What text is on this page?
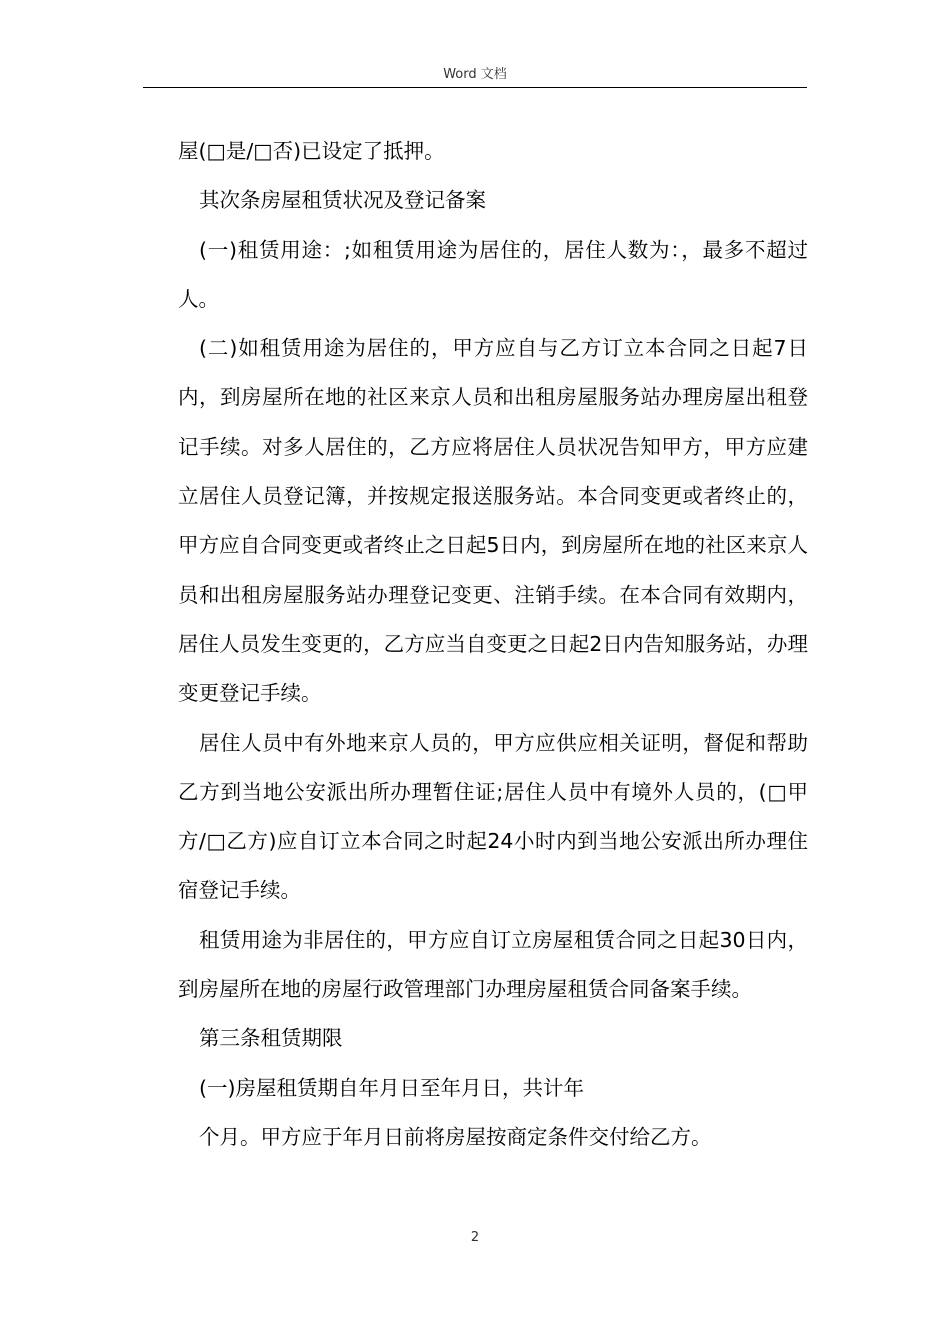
Word 文档

屋(□是/□否)已设定了抵押。

其次条房屋租赁状况及登记备案

(一)租赁用途：;如租赁用途为居住的，居住人数为：，最多不超过人。

(二)如租赁用途为居住的，甲方应自与乙方订立本合同之日起7日内，到房屋所在地的社区来京人员和出租房屋服务站办理房屋出租登记手续。对多人居住的，乙方应将居住人员状况告知甲方，甲方应建立居住人员登记簿，并按规定报送服务站。本合同变更或者终止的，甲方应自合同变更或者终止之日起5日内，到房屋所在地的社区来京人员和出租房屋服务站办理登记变更、注销手续。在本合同有效期内，居住人员发生变更的，乙方应当自变更之日起2日内告知服务站，办理变更登记手续。

居住人员中有外地来京人员的，甲方应供应相关证明，督促和帮助乙方到当地公安派出所办理暂住证;居住人员中有境外人员的，(□甲方/□乙方)应自订立本合同之时起24小时内到当地公安派出所办理住宿登记手续。

租赁用途为非居住的，甲方应自订立房屋租赁合同之日起30日内，到房屋所在地的房屋行政管理部门办理房屋租赁合同备案手续。

第三条租赁期限

(一)房屋租赁期自年月日至年月日，共计年

个月。甲方应于年月日前将房屋按商定条件交付给乙方。

2
